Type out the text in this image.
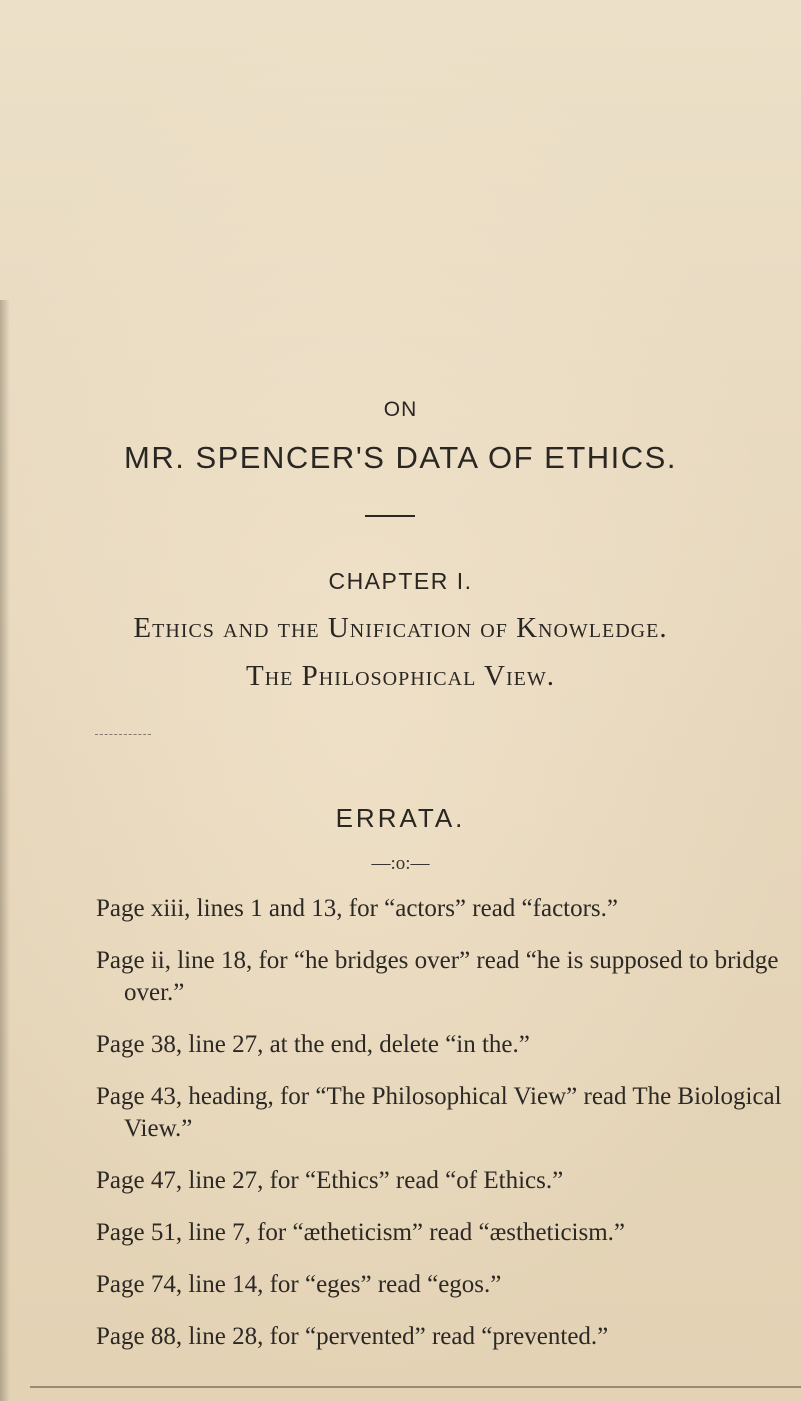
ON
MR. SPENCER'S DATA OF ETHICS.
CHAPTER I.
Ethics and the Unification of Knowledge.
The Philosophical View.
ERRATA.
—:o:—
Page xiii, lines 1 and 13, for “actors” read “factors.”
Page ii, line 18, for “he bridges over” read “he is supposed to bridge over.”
Page 38, line 27, at the end, delete “in the.”
Page 43, heading, for “The Philosophical View” read The Biological View.”
Page 47, line 27, for “Ethics” read “of Ethics.”
Page 51, line 7, for “ætheticism” read “æstheticism.”
Page 74, line 14, for “eges” read “egos.”
Page 88, line 28, for “pervented” read “prevented.”
